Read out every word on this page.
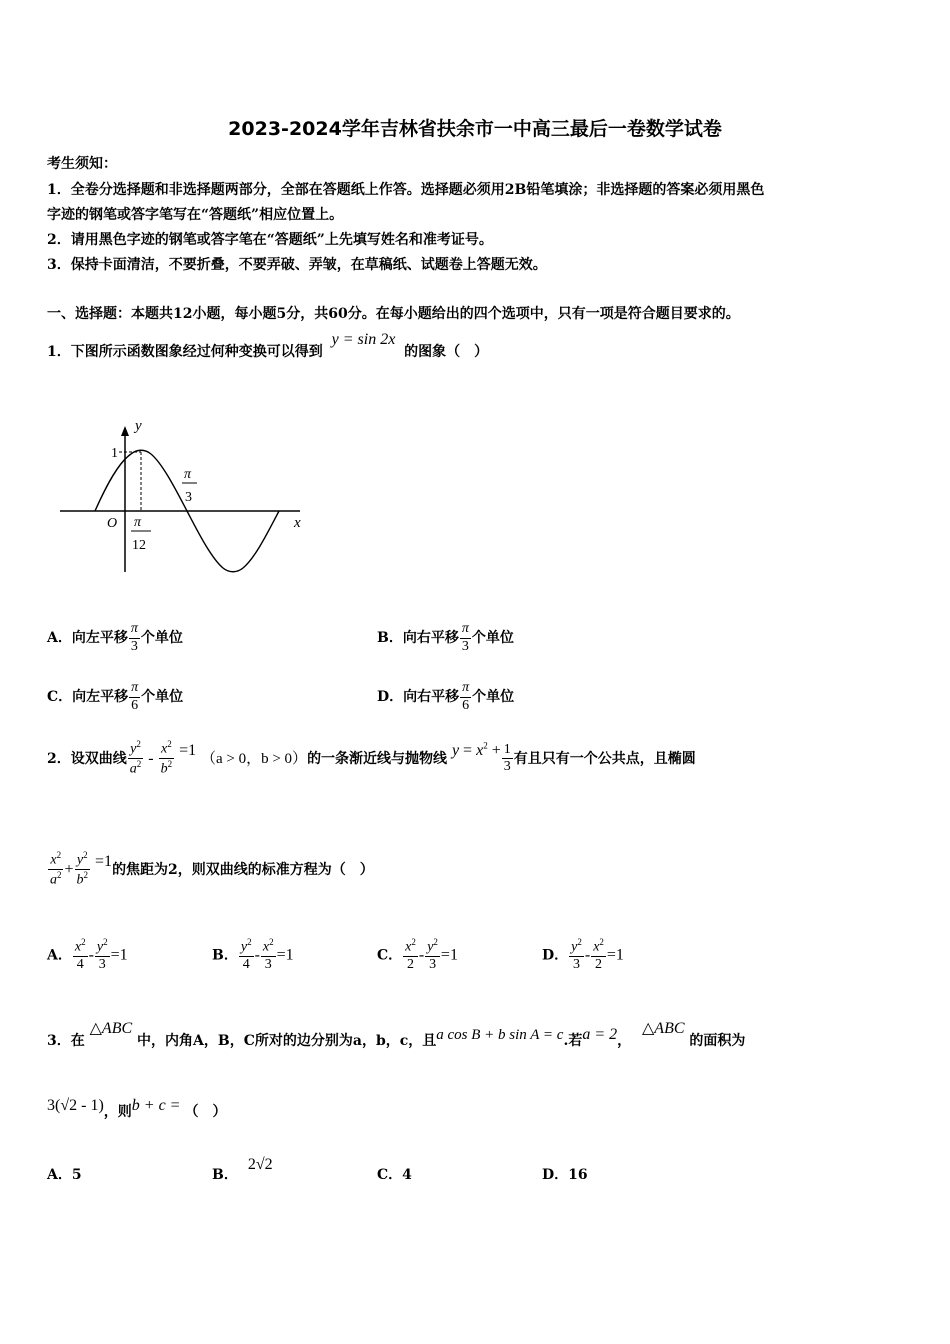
2023-2024学年吉林省扶余市一中高三最后一卷数学试卷
考生须知：
1．全卷分选择题和非选择题两部分，全部在答题纸上作答。选择题必须用2B铅笔填涂；非选择题的答案必须用黑色
字迹的钢笔或答字笔写在“答题纸”相应位置上。
2．请用黑色字迹的钢笔或答字笔在“答题纸”上先填写姓名和准考证号。
3．保持卡面清洁，不要折叠，不要弄破、弄皱，在草稿纸、试题卷上答题无效。
一、选择题：本题共12小题，每小题5分，共60分。在每小题给出的四个选项中，只有一项是符合题目要求的。
1．下图所示函数图象经过何种变换可以得到 y = sin 2x 的图象（　）
y
x
O
1
π
12
π
3
A．向左平移 $\frac{\pi}{3}$ 个单位	B．向右平移 $\frac{\pi}{3}$ 个单位
C．向左平移 $\frac{\pi}{6}$ 个单位	D．向右平移 $\frac{\pi}{6}$ 个单位
2．设双曲线 $\frac{y^2}{a^2} - \frac{x^2}{b^2} =1$ （a > 0，b > 0）的一条渐近线与抛物线 $y = x^2 + \frac{1}{3}$ 有且只有一个公共点，且椭圆
$\frac{x^2}{a^2} + \frac{y^2}{b^2} =1$的焦距为2，则双曲线的标准方程为（　）
A． $\frac{x^2}{4} - \frac{y^2}{3} =1$	B． $\frac{y^2}{4} - \frac{x^2}{3} =1$	C． $\frac{x^2}{2} - \frac{y^2}{3} =1$	D． $\frac{y^2}{3} - \frac{x^2}{2} =1$
3．在 △ABC 中，内角A，B，C所对的边分别为a，b，c，且a cos B + b sin A = c.若a = 2， △ABC 的面积为
3(√2 - 1)，则b + c = （　）
A．5	B．2√2
C．4	D．16
